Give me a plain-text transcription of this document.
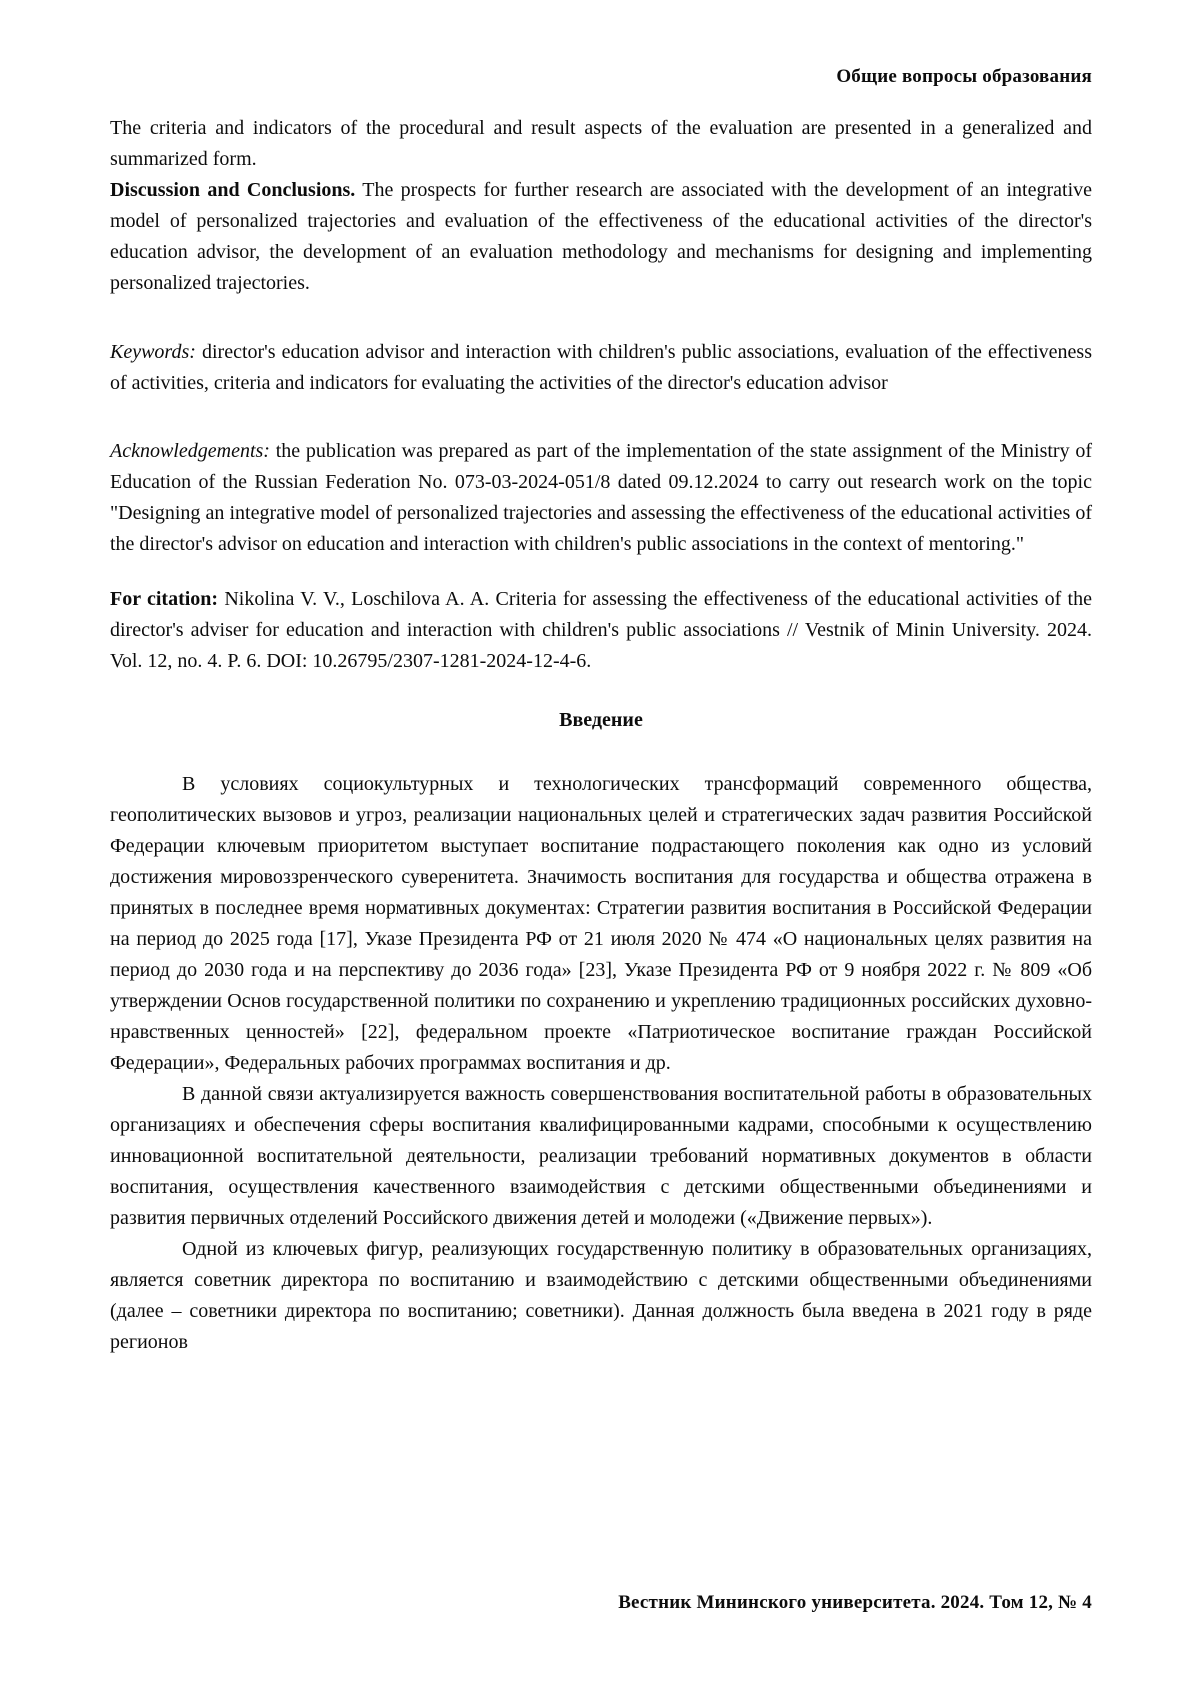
Общие вопросы образования

The criteria and indicators of the procedural and result aspects of the evaluation are presented in a generalized and summarized form.

Discussion and Conclusions. The prospects for further research are associated with the development of an integrative model of personalized trajectories and evaluation of the effectiveness of the educational activities of the director's education advisor, the development of an evaluation methodology and mechanisms for designing and implementing personalized trajectories.

Keywords: director's education advisor and interaction with children's public associations, evaluation of the effectiveness of activities, criteria and indicators for evaluating the activities of the director's education advisor

Acknowledgements: the publication was prepared as part of the implementation of the state assignment of the Ministry of Education of the Russian Federation No. 073-03-2024-051/8 dated 09.12.2024 to carry out research work on the topic "Designing an integrative model of personalized trajectories and assessing the effectiveness of the educational activities of the director's advisor on education and interaction with children's public associations in the context of mentoring."

For citation: Nikolina V. V., Loschilova A. A. Criteria for assessing the effectiveness of the educational activities of the director's adviser for education and interaction with children's public associations // Vestnik of Minin University. 2024. Vol. 12, no. 4. P. 6. DOI: 10.26795/2307-1281-2024-12-4-6.

Введение

В условиях социокультурных и технологических трансформаций современного общества, геополитических вызовов и угроз, реализации национальных целей и стратегических задач развития Российской Федерации ключевым приоритетом выступает воспитание подрастающего поколения как одно из условий достижения мировоззренческого суверенитета. Значимость воспитания для государства и общества отражена в принятых в последнее время нормативных документах: Стратегии развития воспитания в Российской Федерации на период до 2025 года [17], Указе Президента РФ от 21 июля 2020 № 474 «О национальных целях развития на период до 2030 года и на перспективу до 2036 года» [23], Указе Президента РФ от 9 ноября 2022 г. № 809 «Об утверждении Основ государственной политики по сохранению и укреплению традиционных российских духовно-нравственных ценностей» [22], федеральном проекте «Патриотическое воспитание граждан Российской Федерации», Федеральных рабочих программах воспитания и др.

В данной связи актуализируется важность совершенствования воспитательной работы в образовательных организациях и обеспечения сферы воспитания квалифицированными кадрами, способными к осуществлению инновационной воспитательной деятельности, реализации требований нормативных документов в области воспитания, осуществления качественного взаимодействия с детскими общественными объединениями и развития первичных отделений Российского движения детей и молодежи («Движение первых»).

Одной из ключевых фигур, реализующих государственную политику в образовательных организациях, является советник директора по воспитанию и взаимодействию с детскими общественными объединениями (далее – советники директора по воспитанию; советники). Данная должность была введена в 2021 году в ряде регионов

Вестник Мининского университета. 2024. Том 12, № 4
